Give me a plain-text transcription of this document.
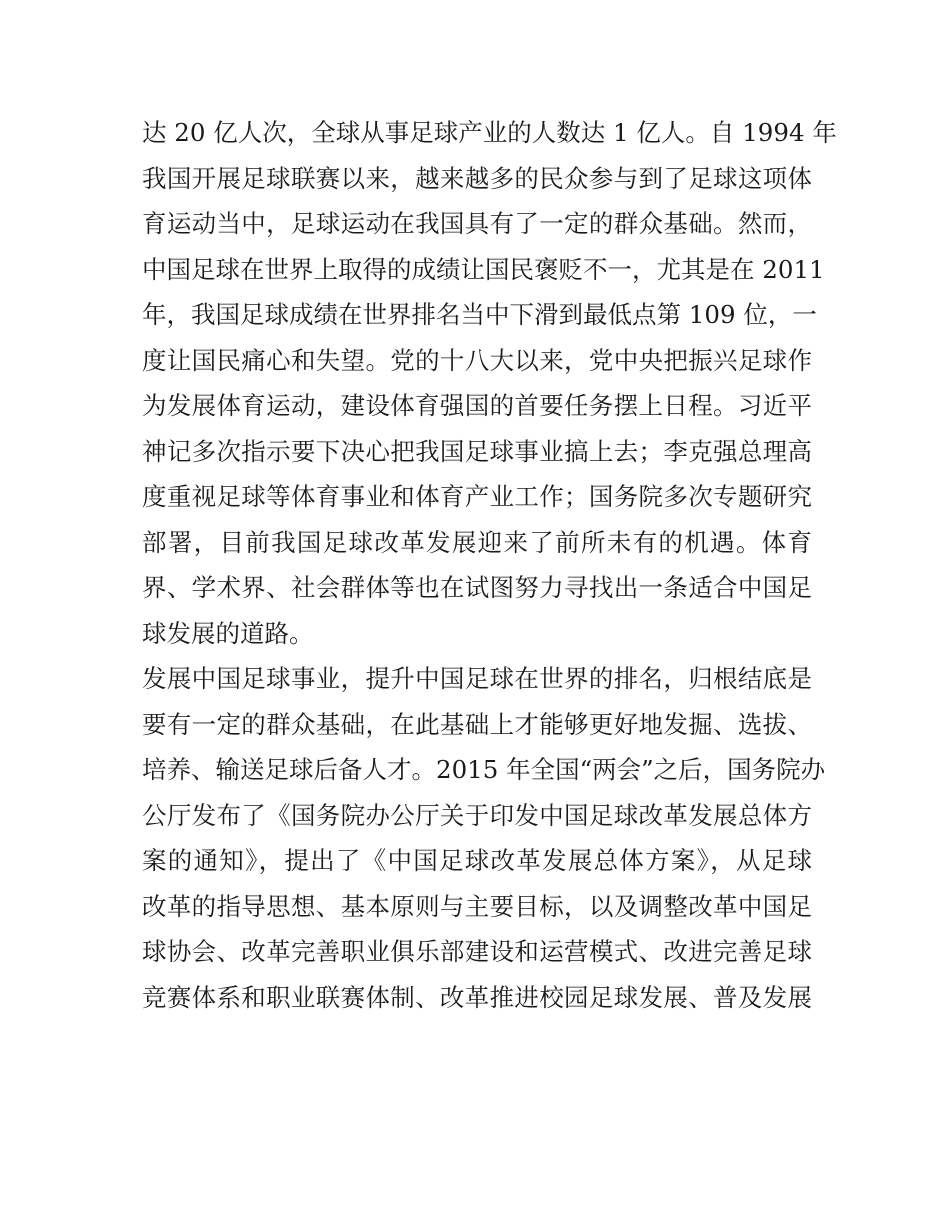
达 20 亿人次，全球从事足球产业的人数达 1 亿人。自 1994 年
我国开展足球联赛以来，越来越多的民众参与到了足球这项体
育运动当中，足球运动在我国具有了一定的群众基础。然而，
中国足球在世界上取得的成绩让国民褒贬不一，尤其是在 2011
年，我国足球成绩在世界排名当中下滑到最低点第 109 位，一
度让国民痛心和失望。党的十八大以来，党中央把振兴足球作
为发展体育运动，建设体育强国的首要任务摆上日程。习近平
神记多次指示要下决心把我国足球事业搞上去；李克强总理高
度重视足球等体育事业和体育产业工作；国务院多次专题研究
部署，目前我国足球改革发展迎来了前所未有的机遇。体育
界、学术界、社会群体等也在试图努力寻找出一条适合中国足
球发展的道路。
发展中国足球事业，提升中国足球在世界的排名，归根结底是
要有一定的群众基础，在此基础上才能够更好地发掘、选拔、
培养、输送足球后备人才。2015 年全国“两会”之后，国务院办
公厅发布了《国务院办公厅关于印发中国足球改革发展总体方
案的通知》，提出了《中国足球改革发展总体方案》，从足球
改革的指导思想、基本原则与主要目标，以及调整改革中国足
球协会、改革完善职业俱乐部建设和运营模式、改进完善足球
竞赛体系和职业联赛体制、改革推进校园足球发展、普及发展
